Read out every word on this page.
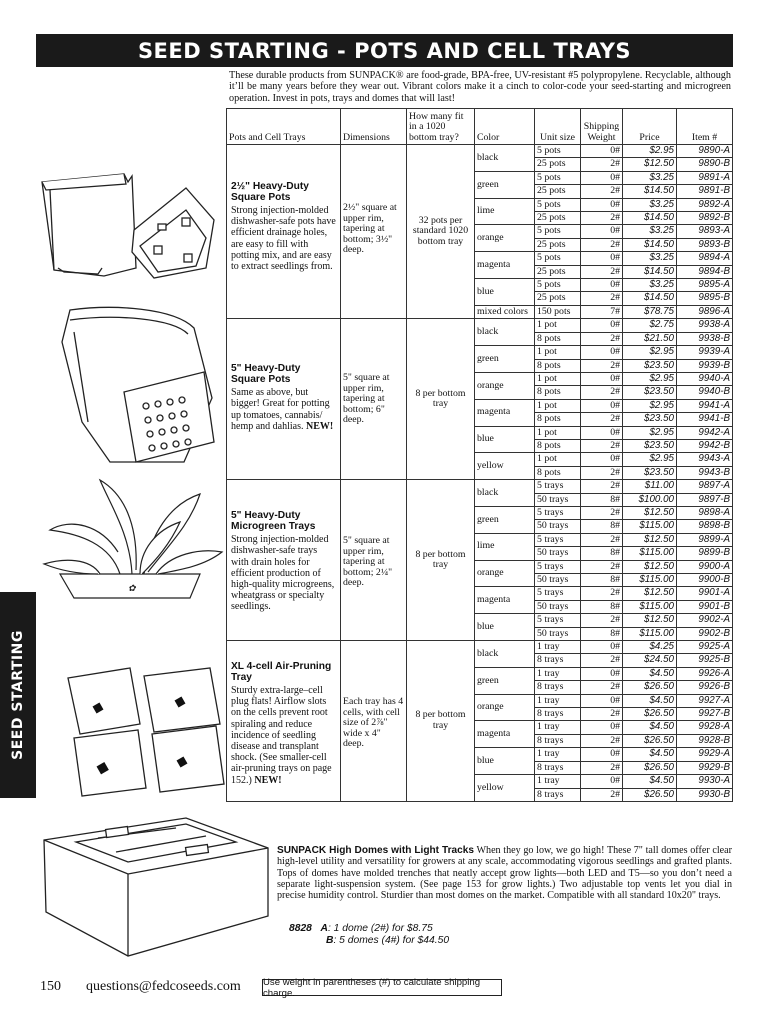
SEED STARTING - POTS AND CELL TRAYS
These durable products from SUNPACK® are food-grade, BPA-free, UV-resistant #5 polypropylene. Recyclable, although it’ll be many years before they wear out. Vibrant colors make it a cinch to color-code your seed-starting and microgreen operation. Invest in pots, trays and domes that will last!
Pots and Cell Trays	Dimensions	How many fit in a 1020 bottom tray?	Color	Unit size	Shipping Weight	Price	Item #

2½" Heavy-Duty Square Pots
Strong injection-molded dishwasher-safe pots have efficient drainage holes, are easy to fill with potting mix, and are easy to extract seedlings from.	2½" square at upper rim, tapering at bottom; 3½" deep.	32 pots per standard 1020 bottom tray	black	5 pots	0#	$2.95	9890-A
				25 pots	2#	$12.50	9890-B
			green	5 pots	0#	$3.25	9891-A
				25 pots	2#	$14.50	9891-B
			lime	5 pots	0#	$3.25	9892-A
				25 pots	2#	$14.50	9892-B
			orange	5 pots	0#	$3.25	9893-A
				25 pots	2#	$14.50	9893-B
			magenta	5 pots	0#	$3.25	9894-A
				25 pots	2#	$14.50	9894-B
			blue	5 pots	0#	$3.25	9895-A
				25 pots	2#	$14.50	9895-B
			mixed colors	150 pots	7#	$78.75	9896-A

5" Heavy-Duty Square Pots
Same as above, but bigger! Great for potting up tomatoes, cannabis/ hemp and dahlias. NEW!	5" square at upper rim, tapering at bottom; 6" deep.	8 per bottom tray	black	1 pot	0#	$2.75	9938-A
				8 pots	2#	$21.50	9938-B
			green	1 pot	0#	$2.95	9939-A
				8 pots	2#	$23.50	9939-B
			orange	1 pot	0#	$2.95	9940-A
				8 pots	2#	$23.50	9940-B
			magenta	1 pot	0#	$2.95	9941-A
				8 pots	2#	$23.50	9941-B
			blue	1 pot	0#	$2.95	9942-A
				8 pots	2#	$23.50	9942-B
			yellow	1 pot	0#	$2.95	9943-A
				8 pots	2#	$23.50	9943-B

5" Heavy-Duty Microgreen Trays
Strong injection-molded dishwasher-safe trays with drain holes for efficient production of high-quality microgreens, wheatgrass or specialty seedlings.	5" square at upper rim, tapering at bottom; 2¼" deep.	8 per bottom tray	black	5 trays	2#	$11.00	9897-A
				50 trays	8#	$100.00	9897-B
			green	5 trays	2#	$12.50	9898-A
				50 trays	8#	$115.00	9898-B
			lime	5 trays	2#	$12.50	9899-A
				50 trays	8#	$115.00	9899-B
			orange	5 trays	2#	$12.50	9900-A
				50 trays	8#	$115.00	9900-B
			magenta	5 trays	2#	$12.50	9901-A
				50 trays	8#	$115.00	9901-B
			blue	5 trays	2#	$12.50	9902-A
				50 trays	8#	$115.00	9902-B

XL 4-cell Air-Pruning Tray
Sturdy extra-large–cell plug flats! Airflow slots on the cells prevent root spiraling and reduce incidence of seedling disease and transplant shock. (See smaller-cell air-pruning trays on page 152.) NEW!	Each tray has 4 cells, with cell size of 2⅞" wide x 4" deep.	8 per bottom tray	black	1 tray	0#	$4.25	9925-A
				8 trays	2#	$24.50	9925-B
			green	1 tray	0#	$4.50	9926-A
				8 trays	2#	$26.50	9926-B
			orange	1 tray	0#	$4.50	9927-A
				8 trays	2#	$26.50	9927-B
			magenta	1 tray	0#	$4.50	9928-A
				8 trays	2#	$26.50	9928-B
			blue	1 tray	0#	$4.50	9929-A
				8 trays	2#	$26.50	9929-B
			yellow	1 tray	0#	$4.50	9930-A
				8 trays	2#	$26.50	9930-B
✿
SEED STARTING
SUNPACK High Domes with Light Tracks When they go low, we go high! These 7" tall domes offer clear high-level utility and versatility for growers at any scale, accommodating vigorous seedlings and grafted plants. Tops of domes have molded trenches that neatly accept grow lights—both LED and T5—so you don’t need a separate light-suspension system. (See page 153 for grow lights.) Two adjustable top vents let you dial in precise humidity control. Sturdier than most domes on the market. Compatible with all standard 10x20" trays.
8828 A: 1 dome (2#) for $8.75
B: 5 domes (4#) for $44.50
150 questions@fedcoseeds.com Use weight in parentheses (#) to calculate shipping charge.
